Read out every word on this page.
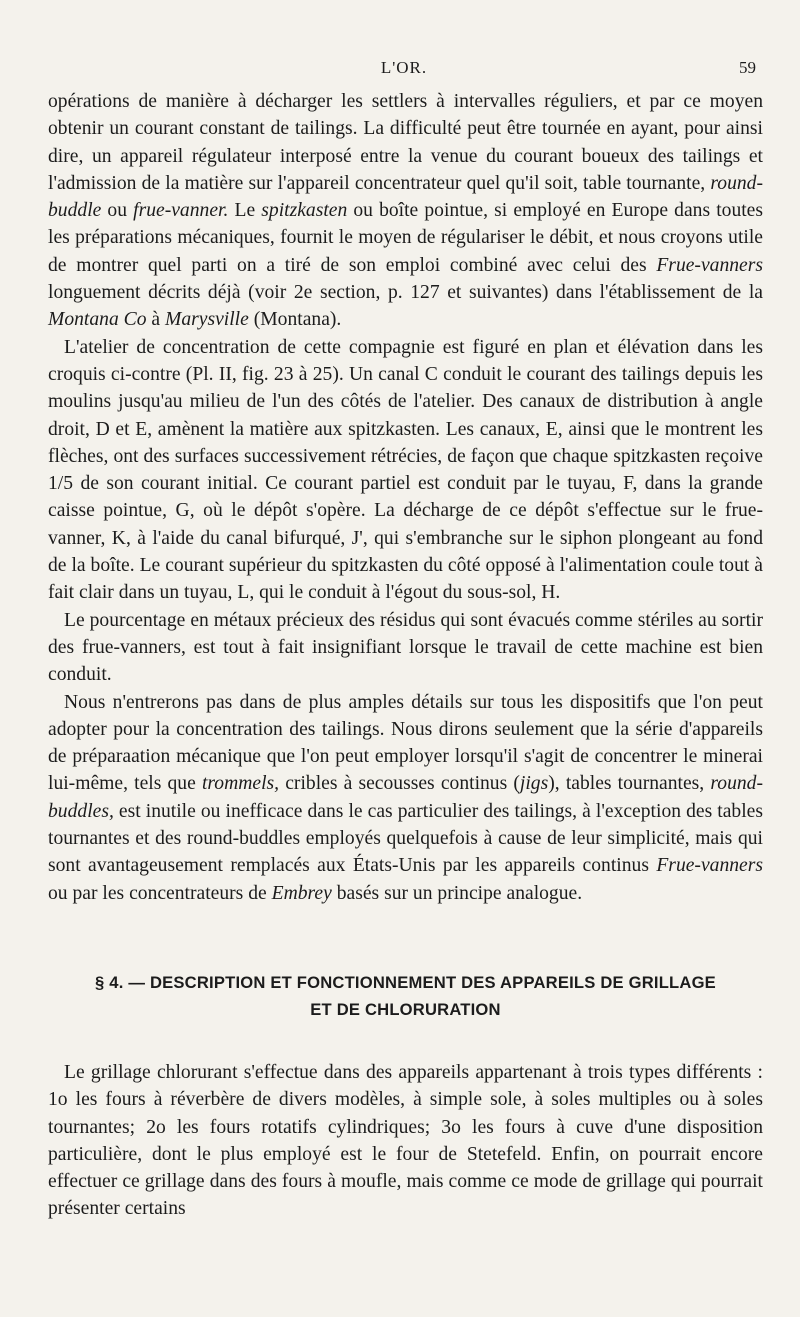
L'OR.	59

opérations de manière à décharger les settlers à intervalles réguliers, et par ce moyen obtenir un courant constant de tailings. La difficulté peut être tournée en ayant, pour ainsi dire, un appareil régulateur interposé entre la venue du courant boueux des tailings et l'admission de la matière sur l'appareil concentrateur quel qu'il soit, table tournante, round-buddle ou frue-vanner. Le spitzkasten ou boîte pointue, si employé en Europe dans toutes les préparations mécaniques, fournit le moyen de régulariser le débit, et nous croyons utile de montrer quel parti on a tiré de son emploi combiné avec celui des Frue-vanners longuement décrits déjà (voir 2e section, p. 127 et suivantes) dans l'établissement de la Montana Co à Marysville (Montana).

L'atelier de concentration de cette compagnie est figuré en plan et élévation dans les croquis ci-contre (Pl. II, fig. 23 à 25). Un canal C conduit le courant des tailings depuis les moulins jusqu'au milieu de l'un des côtés de l'atelier. Des canaux de distribution à angle droit, D et E, amènent la matière aux spitzkasten. Les canaux, E, ainsi que le montrent les flèches, ont des surfaces successivement rétrécies, de façon que chaque spitzkasten reçoive 1/5 de son courant initial. Ce courant partiel est conduit par le tuyau, F, dans la grande caisse pointue, G, où le dépôt s'opère. La décharge de ce dépôt s'effectue sur le frue-vanner, K, à l'aide du canal bifurqué, J', qui s'embranche sur le siphon plongeant au fond de la boîte. Le courant supérieur du spitzkasten du côté opposé à l'alimentation coule tout à fait clair dans un tuyau, L, qui le conduit à l'égout du sous-sol, H.

Le pourcentage en métaux précieux des résidus qui sont évacués comme stériles au sortir des frue-vanners, est tout à fait insignifiant lorsque le travail de cette machine est bien conduit.

Nous n'entrerons pas dans de plus amples détails sur tous les dispositifs que l'on peut adopter pour la concentration des tailings. Nous dirons seulement que la série d'appareils de préparaation mécanique que l'on peut employer lorsqu'il s'agit de concentrer le minerai lui-même, tels que trommels, cribles à secousses continus (jigs), tables tournantes, round-buddles, est inutile ou inefficace dans le cas particulier des tailings, à l'exception des tables tournantes et des round-buddles employés quelquefois à cause de leur simplicité, mais qui sont avantageusement remplacés aux États-Unis par les appareils continus Frue-vanners ou par les concentrateurs de Embrey basés sur un principe analogue.

§ 4. — DESCRIPTION ET FONCTIONNEMENT DES APPAREILS DE GRILLAGE
ET DE CHLORURATION

Le grillage chlorurant s'effectue dans des appareils appartenant à trois types différents : 1o les fours à réverbère de divers modèles, à simple sole, à soles multiples ou à soles tournantes; 2o les fours rotatifs cylindriques; 3o les fours à cuve d'une disposition particulière, dont le plus employé est le four de Stetefeld. Enfin, on pourrait encore effectuer ce grillage dans des fours à moufle, mais comme ce mode de grillage qui pourrait présenter certains
